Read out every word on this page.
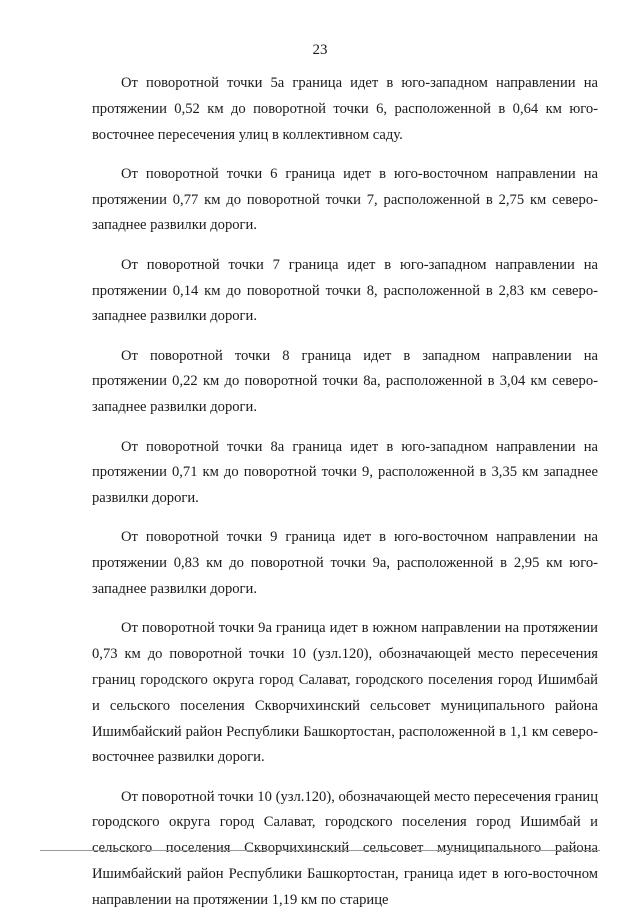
23

От поворотной точки 5а граница идет в юго-западном направлении на протяжении 0,52 км до поворотной точки 6, расположенной в 0,64 км юго-восточнее пересечения улиц в коллективном саду.

От поворотной точки 6 граница идет в юго-восточном направлении на протяжении 0,77 км до поворотной точки 7, расположенной в 2,75 км северо-западнее развилки дороги.

От поворотной точки 7 граница идет в юго-западном направлении на протяжении 0,14 км до поворотной точки 8, расположенной в 2,83 км северо-западнее развилки дороги.

От поворотной точки 8 граница идет в западном направлении на протяжении 0,22 км до поворотной точки 8а, расположенной в 3,04 км северо-западнее развилки дороги.

От поворотной точки 8а граница идет в юго-западном направлении на протяжении 0,71 км до поворотной точки 9, расположенной в 3,35 км западнее развилки дороги.

От поворотной точки 9 граница идет в юго-восточном направлении на протяжении 0,83 км до поворотной точки 9а, расположенной в 2,95 км юго-западнее развилки дороги.

От поворотной точки 9а граница идет в южном направлении на протяжении 0,73 км до поворотной точки 10 (узл.120), обозначающей место пересечения границ городского округа город Салават, городского поселения город Ишимбай и сельского поселения Скворчихинский сельсовет муниципального района Ишимбайский район Республики Башкортостан, расположенной в 1,1 км северо-восточнее развилки дороги.

От поворотной точки 10 (узл.120), обозначающей место пересечения границ городского округа город Салават, городского поселения город Ишимбай и сельского поселения Скворчихинский сельсовет муниципального района Ишимбайский район Республики Башкортостан, граница идет в юго-восточном направлении на протяжении 1,19 км по старице
